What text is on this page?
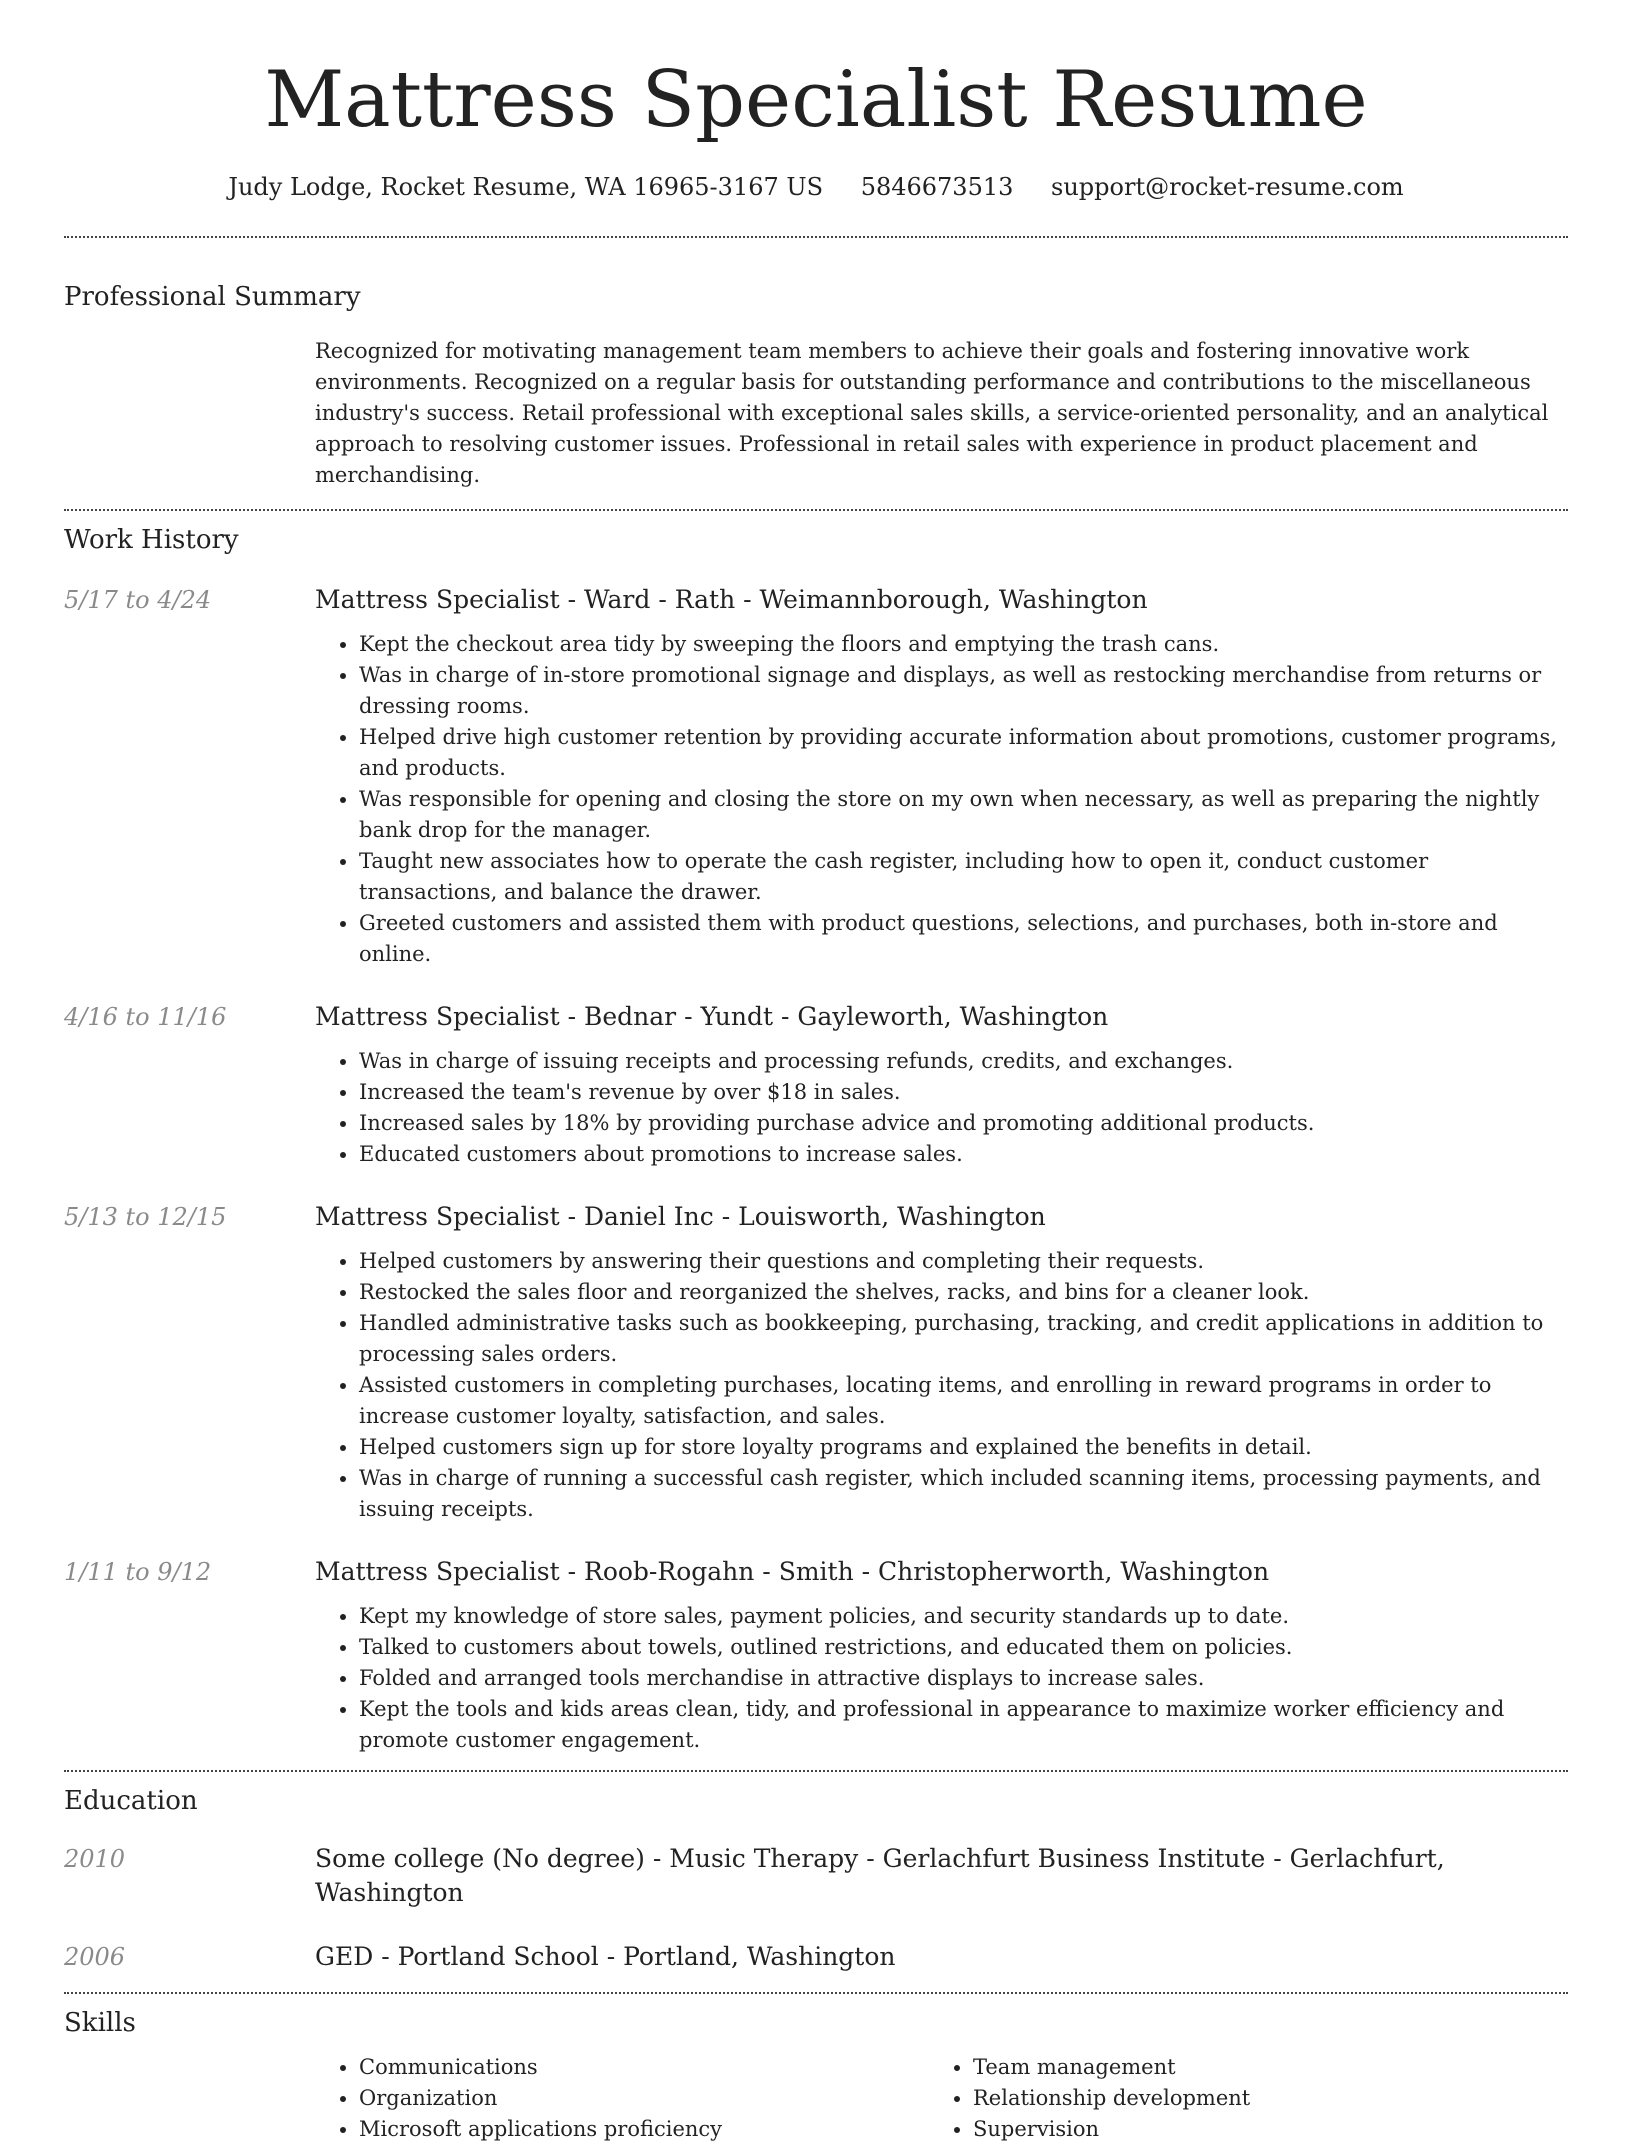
Mattress Specialist Resume
Judy Lodge, Rocket Resume, WA 16965-3167 US 5846673513 support@rocket-resume.com
Professional Summary
Recognized for motivating management team members to achieve their goals and fostering innovative work environments. Recognized on a regular basis for outstanding performance and contributions to the miscellaneous industry's success. Retail professional with exceptional sales skills, a service-oriented personality, and an analytical approach to resolving customer issues. Professional in retail sales with experience in product placement and merchandising.
Work History
5/17 to 4/24	Mattress Specialist - Ward - Rath - Weimannborough, Washington
• Kept the checkout area tidy by sweeping the floors and emptying the trash cans.
• Was in charge of in-store promotional signage and displays, as well as restocking merchandise from returns or dressing rooms.
• Helped drive high customer retention by providing accurate information about promotions, customer programs, and products.
• Was responsible for opening and closing the store on my own when necessary, as well as preparing the nightly bank drop for the manager.
• Taught new associates how to operate the cash register, including how to open it, conduct customer transactions, and balance the drawer.
• Greeted customers and assisted them with product questions, selections, and purchases, both in-store and online.
4/16 to 11/16	Mattress Specialist - Bednar - Yundt - Gayleworth, Washington
• Was in charge of issuing receipts and processing refunds, credits, and exchanges.
• Increased the team's revenue by over $18 in sales.
• Increased sales by 18% by providing purchase advice and promoting additional products.
• Educated customers about promotions to increase sales.
5/13 to 12/15	Mattress Specialist - Daniel Inc - Louisworth, Washington
• Helped customers by answering their questions and completing their requests.
• Restocked the sales floor and reorganized the shelves, racks, and bins for a cleaner look.
• Handled administrative tasks such as bookkeeping, purchasing, tracking, and credit applications in addition to processing sales orders.
• Assisted customers in completing purchases, locating items, and enrolling in reward programs in order to increase customer loyalty, satisfaction, and sales.
• Helped customers sign up for store loyalty programs and explained the benefits in detail.
• Was in charge of running a successful cash register, which included scanning items, processing payments, and issuing receipts.
1/11 to 9/12	Mattress Specialist - Roob-Rogahn - Smith - Christopherworth, Washington
• Kept my knowledge of store sales, payment policies, and security standards up to date.
• Talked to customers about towels, outlined restrictions, and educated them on policies.
• Folded and arranged tools merchandise in attractive displays to increase sales.
• Kept the tools and kids areas clean, tidy, and professional in appearance to maximize worker efficiency and promote customer engagement.
Education
2010	Some college (No degree) - Music Therapy - Gerlachfurt Business Institute - Gerlachfurt, Washington
2006	GED - Portland School - Portland, Washington
Skills
• Communications
• Organization
• Microsoft applications proficiency
• Team management
• Relationship development
• Supervision
